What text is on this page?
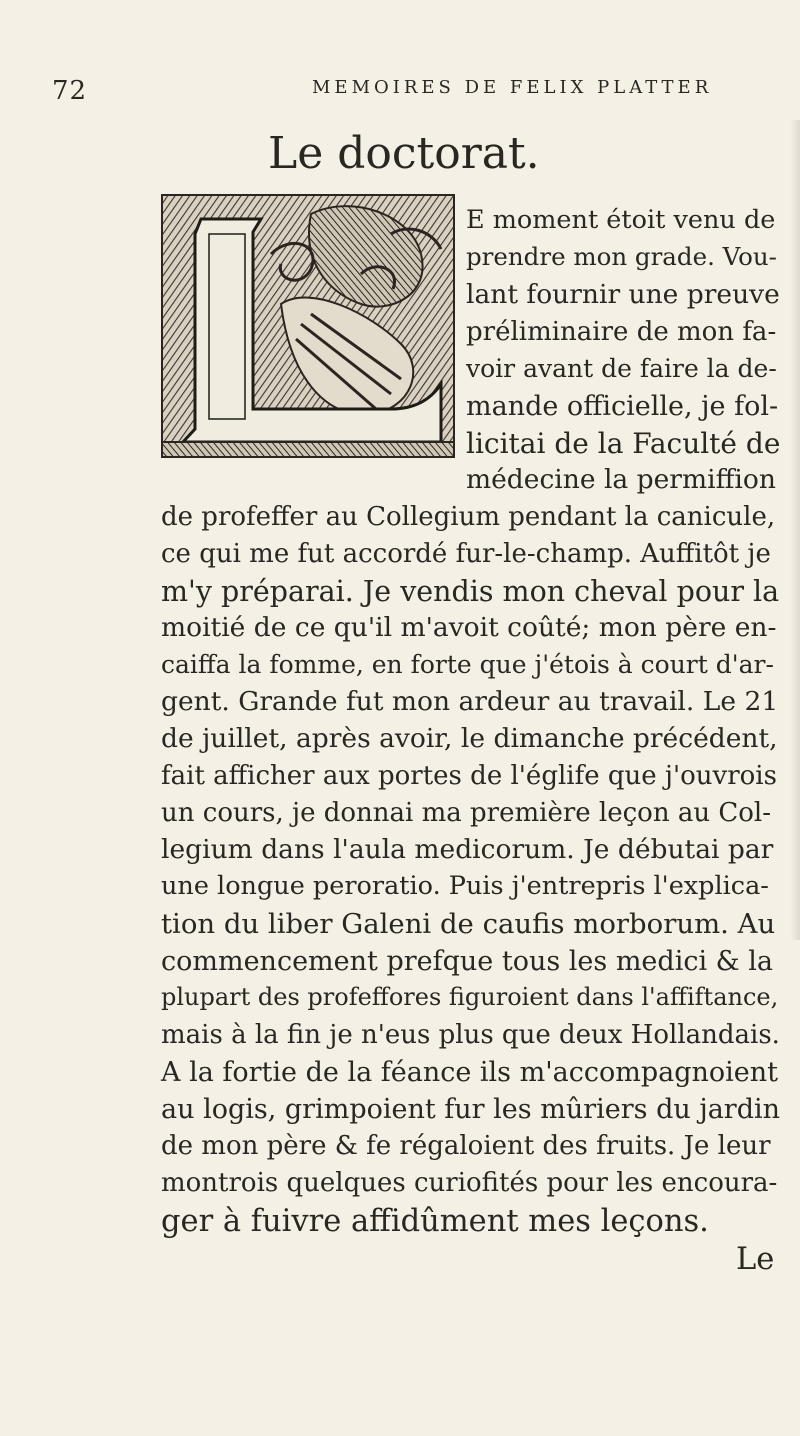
72	MEMOIRES DE FELIX PLATTER
Le doctorat.
E moment étoit venu de
prendre mon grade. Vou-
lant fournir une preuve
préliminaire de mon fa-
voir avant de faire la de-
mande officielle, je fol-
licitai de la Faculté de
médecine la permiffion
de profeffer au Collegium pendant la canicule,
ce qui me fut accordé fur-le-champ. Auffitôt je
m'y préparai. Je vendis mon cheval pour la
moitié de ce qu'il m'avoit coûté; mon père en-
caiffa la fomme, en forte que j'étois à court d'ar-
gent. Grande fut mon ardeur au travail. Le 21
de juillet, après avoir, le dimanche précédent,
fait afficher aux portes de l'églife que j'ouvrois
un cours, je donnai ma première leçon au Col-
legium dans l'aula medicorum. Je débutai par
une longue peroratio. Puis j'entrepris l'explica-
tion du liber Galeni de caufis morborum. Au
commencement prefque tous les medici & la
plupart des profeffores figuroient dans l'affiftance,
mais à la fin je n'eus plus que deux Hollandais.
A la fortie de la féance ils m'accompagnoient
au logis, grimpoient fur les mûriers du jardin
de mon père & fe régaloient des fruits. Je leur
montrois quelques curiofités pour les encoura-
ger à fuivre affidûment mes leçons.
Le
